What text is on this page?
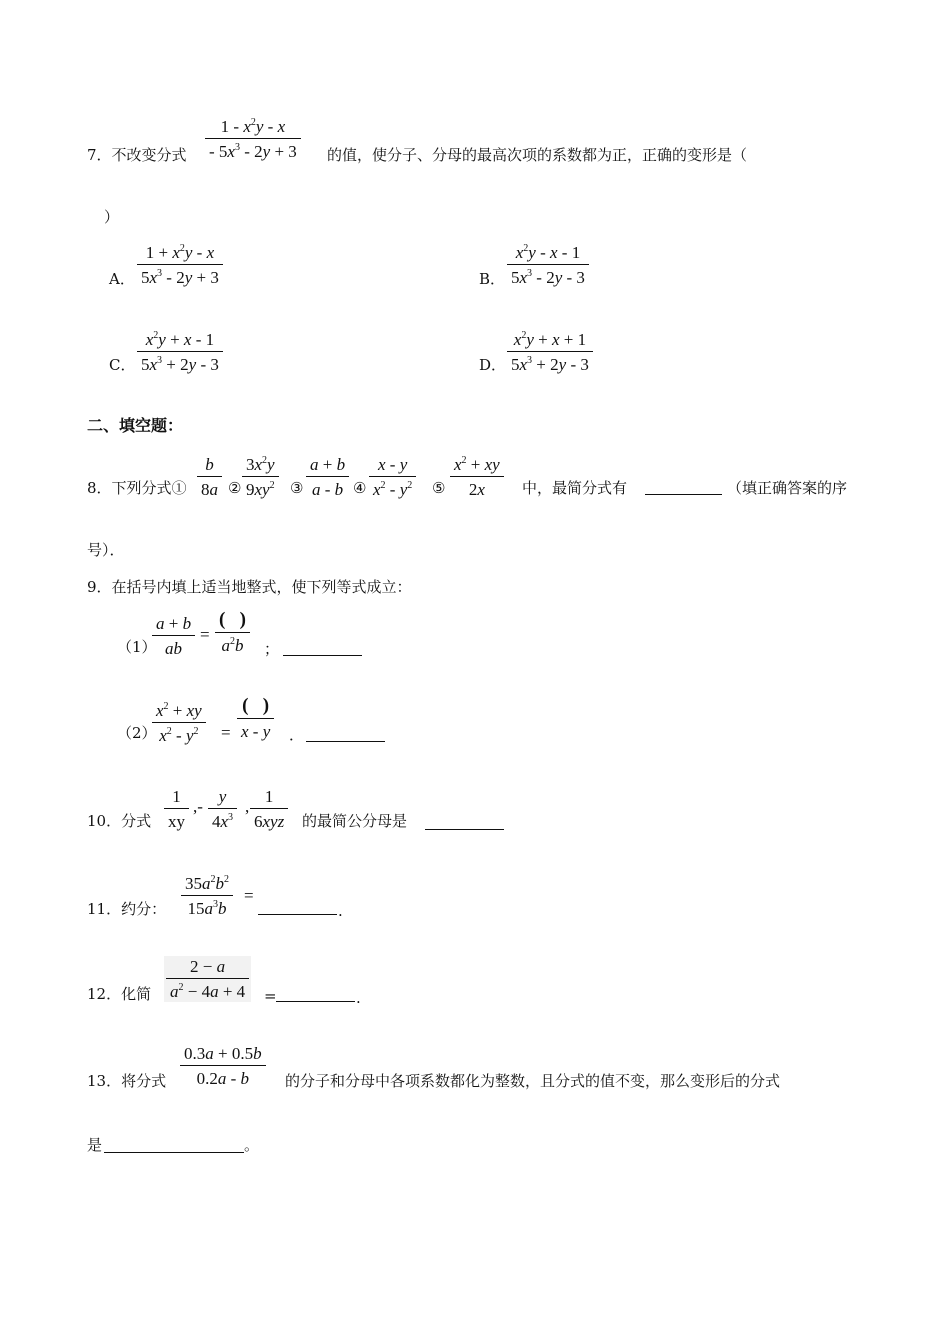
7．不改变分式
$1 - x^2y$ - x
- $5x^3 - 2y + 3$ 的值，使分子、分母的最高次项的系数都为正，正确的变形是（
）
A．
$1 + x^2y - x$
$5x^3 - 2y + 3$	B．
$x^2y$ - x - 1
$5x^3 - 2y - 3$
C．
$x^2y + x - 1$
$5x^3 + 2y - 3$	D．
$x^2y + x + 1$
$5x^3 + 2y - 3$
二、填空题：
8．下列分式①
b
8a ②
$3x^2y$
$9xy^2$ ③
a + b
a - b ④
x - y
$x^2 - y^2$ ⑤
$x^2$ + xy
2x 中，最简分式有	（填正确答案的序
号）．
9．在括号内填上适当地整式，使下列等式成立：
（1）
a + b
ab
=
(   )
$a^2b$ ；
（2）
$x^2$ + xy
$x^2 - y^2$ =
(   )
x - y ．
10．分式
1
xy
,-
y
$4x^3$
,
1
6xyz 的最简公分母是
11．约分：
$35a^2b^2$
$15a^3b$
=
.
12．化简
2 − a
$a^2 - 4a + 4$ =	.
13．将分式
0.3a + 0.5b
0.2a - b 的分子和分母中各项系数都化为整数，且分式的值不变，那么变形后的分式
是	。
